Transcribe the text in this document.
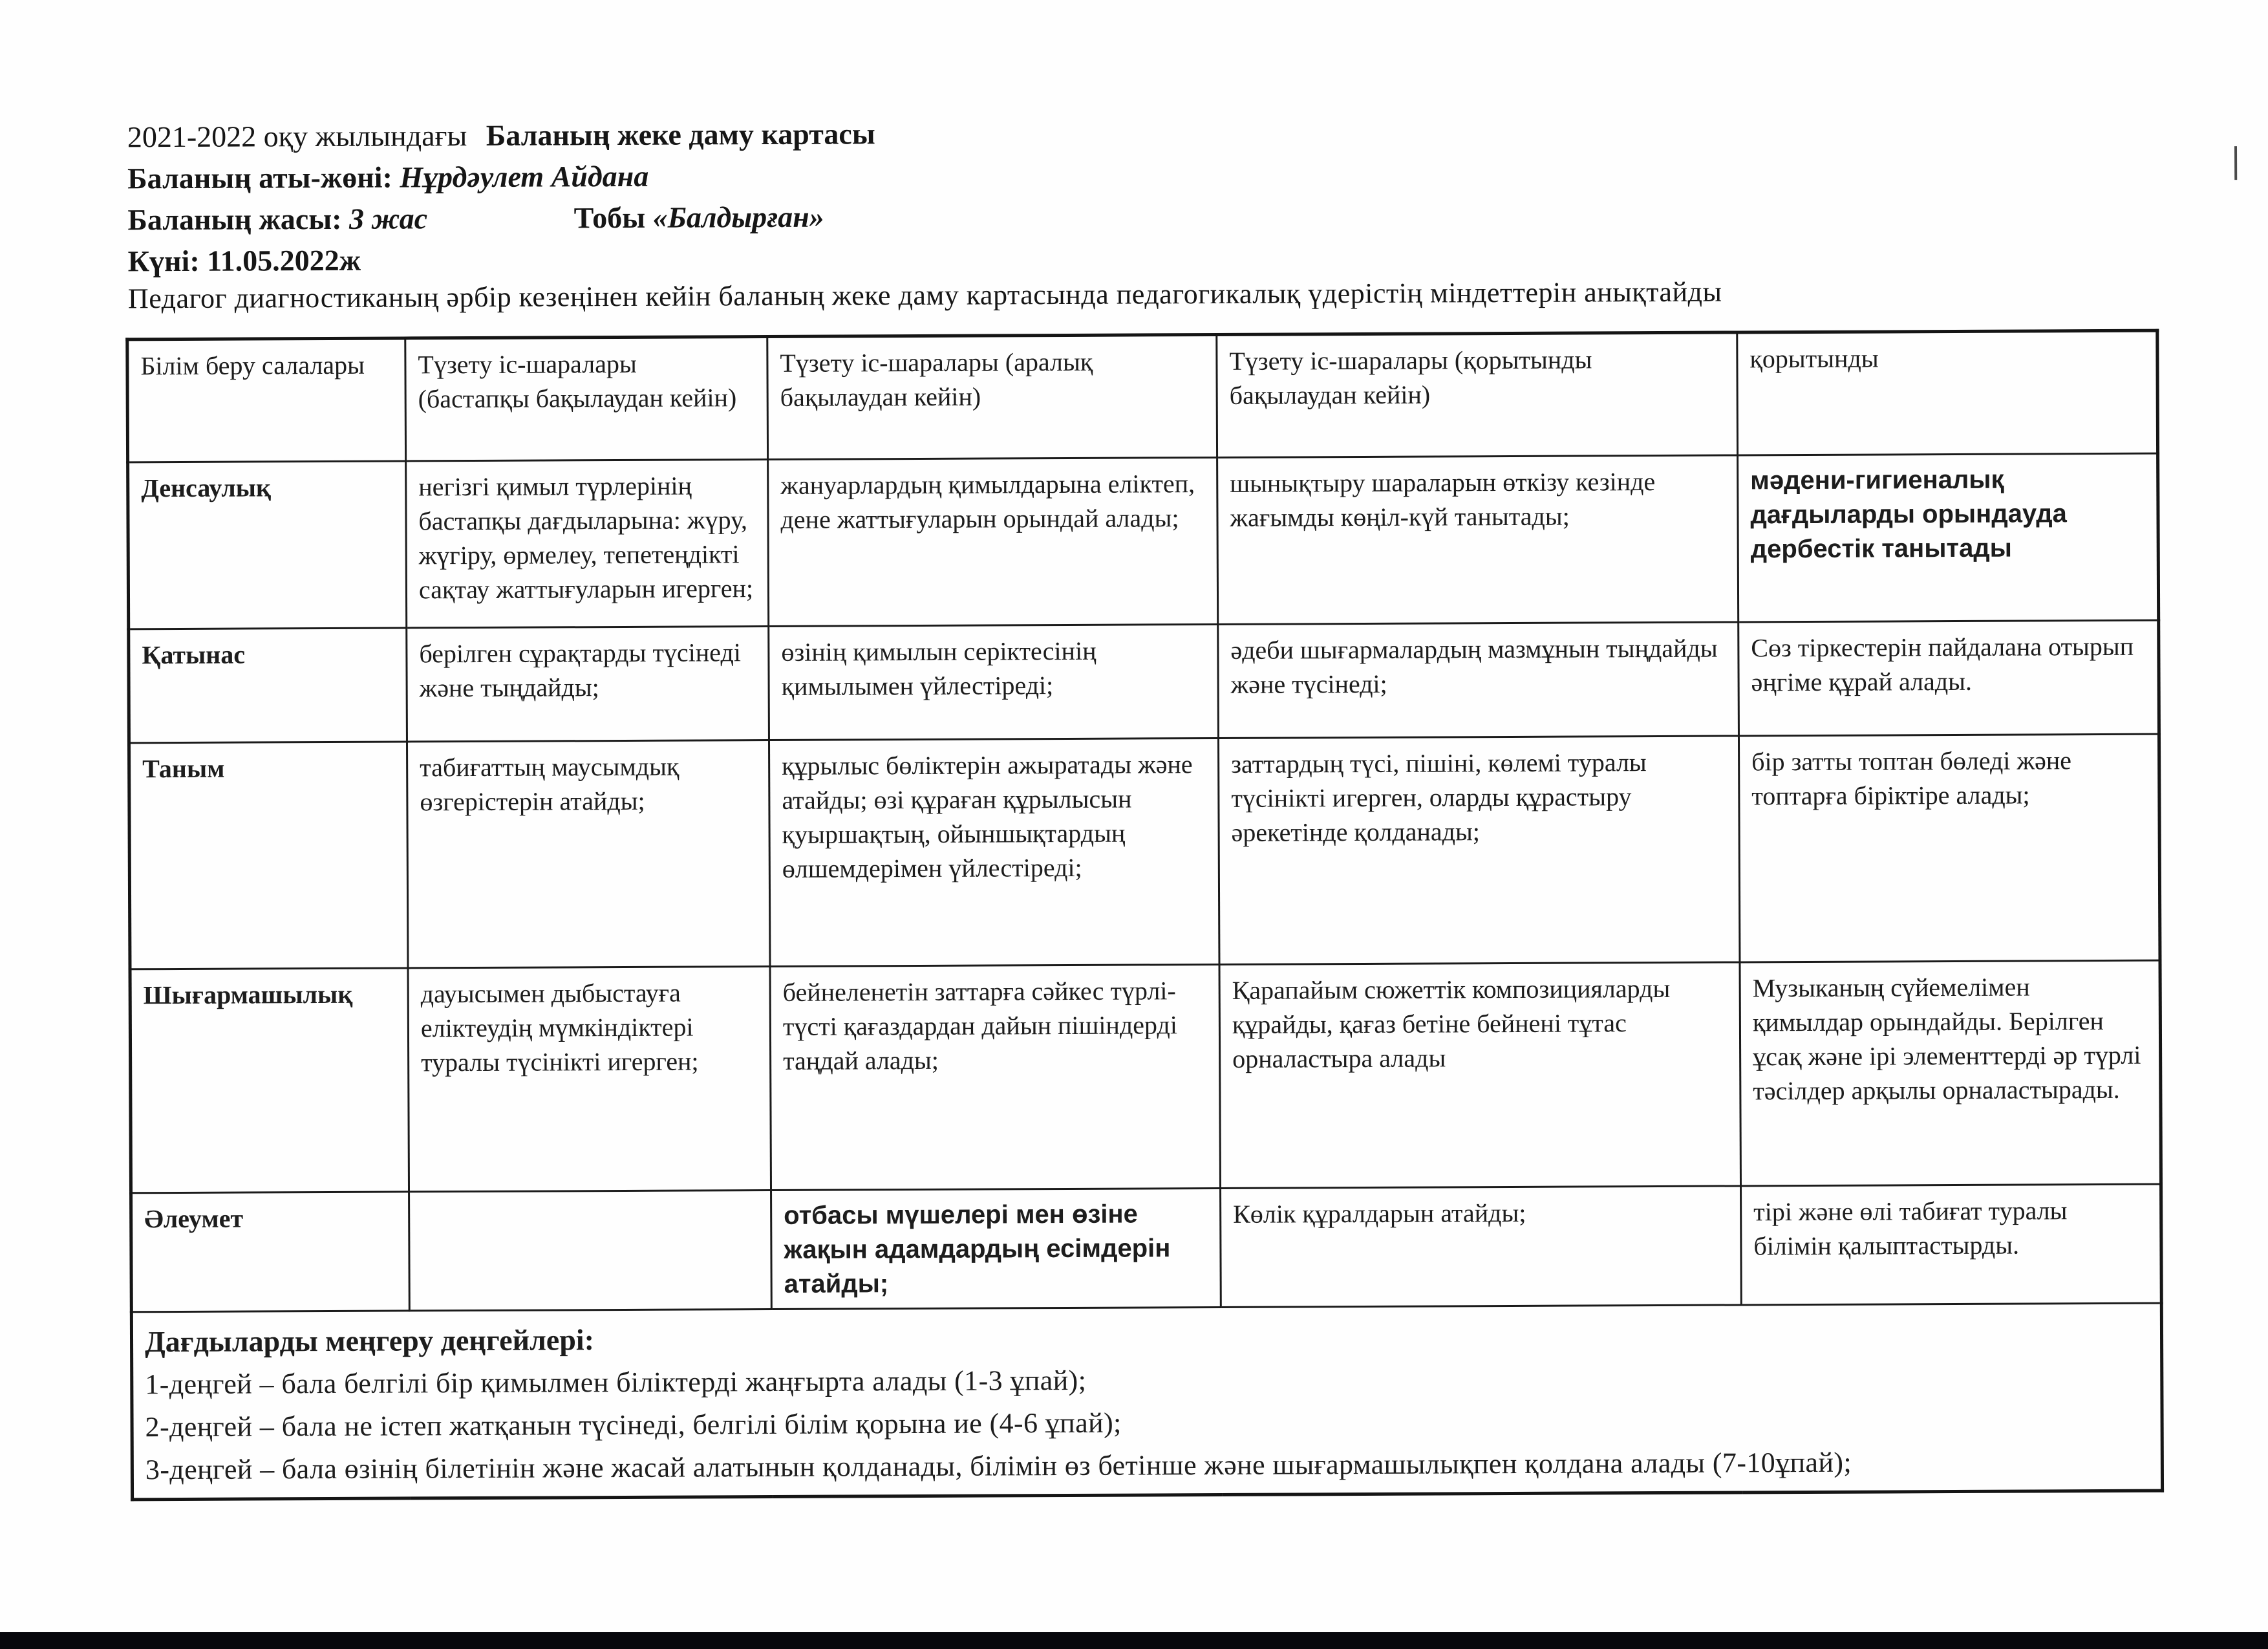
2021-2022 оқу жылындағы Баланың жеке даму картасы
Баланың аты-жөні: Нұрдәулет Айдана
Баланың жасы: 3 жас	Тобы «Балдырған»
Күні: 11.05.2022ж
Педагог диагностиканың әрбір кезеңінен кейін баланың жеке даму картасында педагогикалық үдерістің міндеттерін анықтайды
Білім беру салалары	Түзету іс-шаралары (бастапқы бақылаудан кейін)	Түзету іс-шаралары (аралық бақылаудан кейін)	Түзету іс-шаралары (қорытынды бақылаудан кейін)	қорытынды
Денсаулық	негізгі қимыл түрлерінің бастапқы дағдыларына: жүру, жүгіру, өрмелеу, тепетеңдікті сақтау жаттығуларын игерген;	жануарлардың қимылдарына еліктеп, дене жаттығуларын орындай алады;	шынықтыру шараларын өткізу кезінде жағымды көңіл-күй танытады;	мәдени-гигиеналық дағдыларды орындауда дербестік танытады
Қатынас	берілген сұрақтарды түсінеді және тыңдайды;	өзінің қимылын серіктесінің қимылымен үйлестіреді;	әдеби шығармалардың мазмұнын тыңдайды және түсінеді;	Сөз тіркестерін пайдалана отырып әңгіме құрай алады.
Таным	табиғаттың маусымдық өзгерістерін атайды;	құрылыс бөліктерін ажыратады және атайды; өзі құраған құрылысын қуыршақтың, ойыншықтардың өлшемдерімен үйлестіреді;	заттардың түсі, пішіні, көлемі туралы түсінікті игерген, оларды құрастыру әрекетінде қолданады;	бір затты топтан бөледі және топтарға біріктіре алады;
Шығармашылық	дауысымен дыбыстауға еліктеудің мүмкіндіктері туралы түсінікті игерген;	бейнеленетін заттарға сәйкес түрлі-түсті қағаздардан дайын пішіндерді таңдай алады;	Қарапайым сюжеттік композицияларды құрайды, қағаз бетіне бейнені тұтас орналастыра алады	Музыканың сүйемелімен қимылдар орындайды. Берілген ұсақ және ірі элементтерді әр түрлі тәсілдер арқылы орналастырады.
Әлеумет		отбасы мүшелері мен өзіне жақын адамдардың есімдерін атайды;	Көлік құралдарын атайды;	тірі және өлі табиғат туралы білімін қалыптастырды.

Дағдыларды меңгеру деңгейлері:
1-деңгей – бала белгілі бір қимылмен біліктерді жаңғырта алады (1-3 ұпай);
2-деңгей – бала не істеп жатқанын түсінеді, белгілі білім қорына ие (4-6 ұпай);
3-деңгей – бала өзінің білетінін және жасай алатынын қолданады, білімін өз бетінше және шығармашылықпен қолдана алады (7-10ұпай);				
